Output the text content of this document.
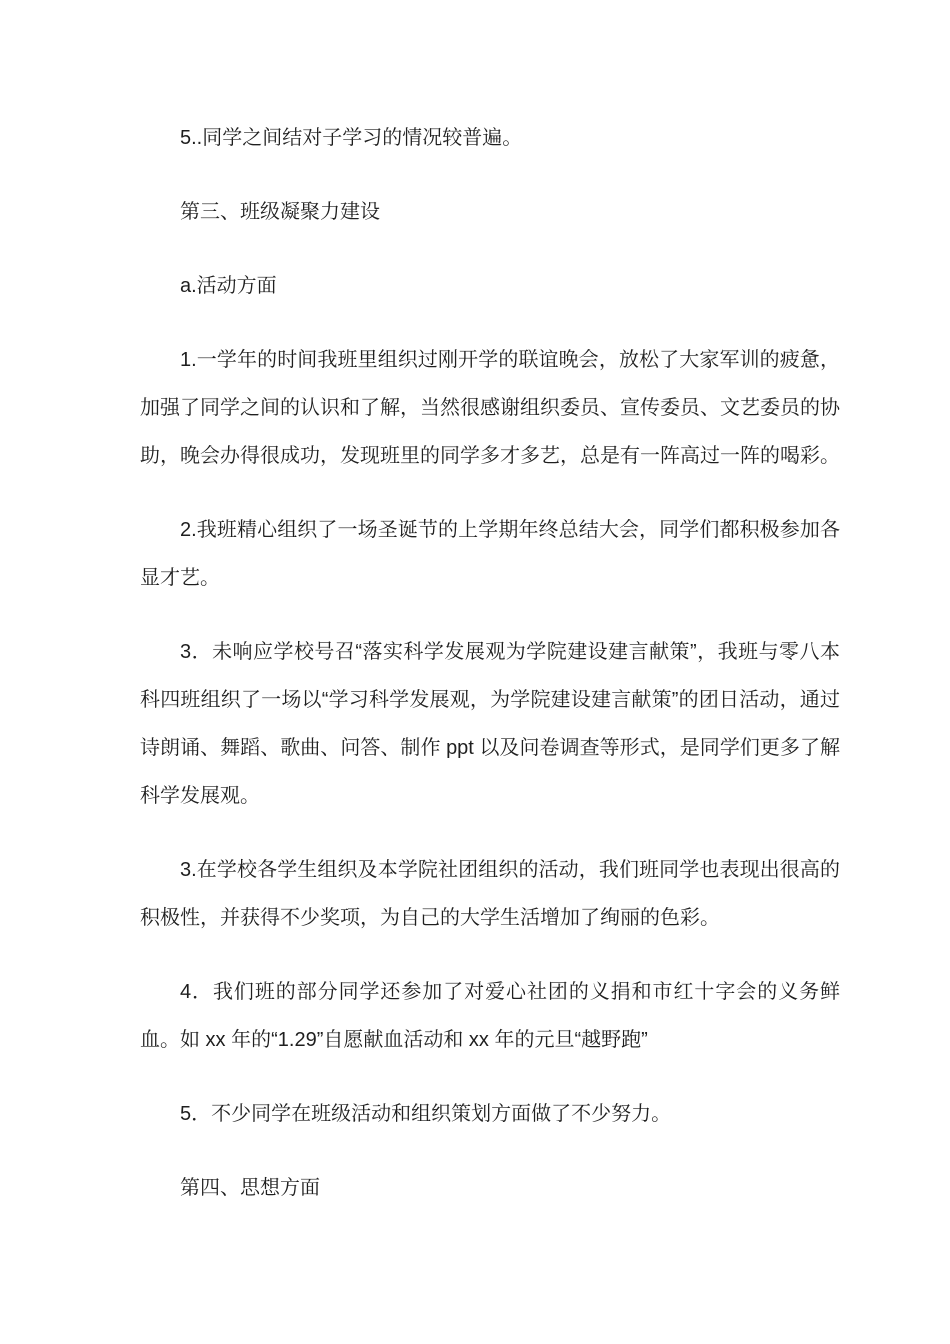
5..同学之间结对子学习的情况较普遍。

第三、班级凝聚力建设

a.活动方面

1.一学年的时间我班里组织过刚开学的联谊晚会，放松了大家军训的疲惫，加强了同学之间的认识和了解，当然很感谢组织委员、宣传委员、文艺委员的协助，晚会办得很成功，发现班里的同学多才多艺，总是有一阵高过一阵的喝彩。

2.我班精心组织了一场圣诞节的上学期年终总结大会，同学们都积极参加各显才艺。

3．未响应学校号召“落实科学发展观为学院建设建言献策”，我班与零八本科四班组织了一场以“学习科学发展观，为学院建设建言献策”的团日活动，通过诗朗诵、舞蹈、歌曲、问答、制作 ppt 以及问卷调查等形式，是同学们更多了解科学发展观。

3.在学校各学生组织及本学院社团组织的活动，我们班同学也表现出很高的积极性，并获得不少奖项，为自己的大学生活增加了绚丽的色彩。

4．我们班的部分同学还参加了对爱心社团的义捐和市红十字会的义务鲜血。如 xx 年的“1.29”自愿献血活动和 xx 年的元旦“越野跑”

5．不少同学在班级活动和组织策划方面做了不少努力。

第四、思想方面
